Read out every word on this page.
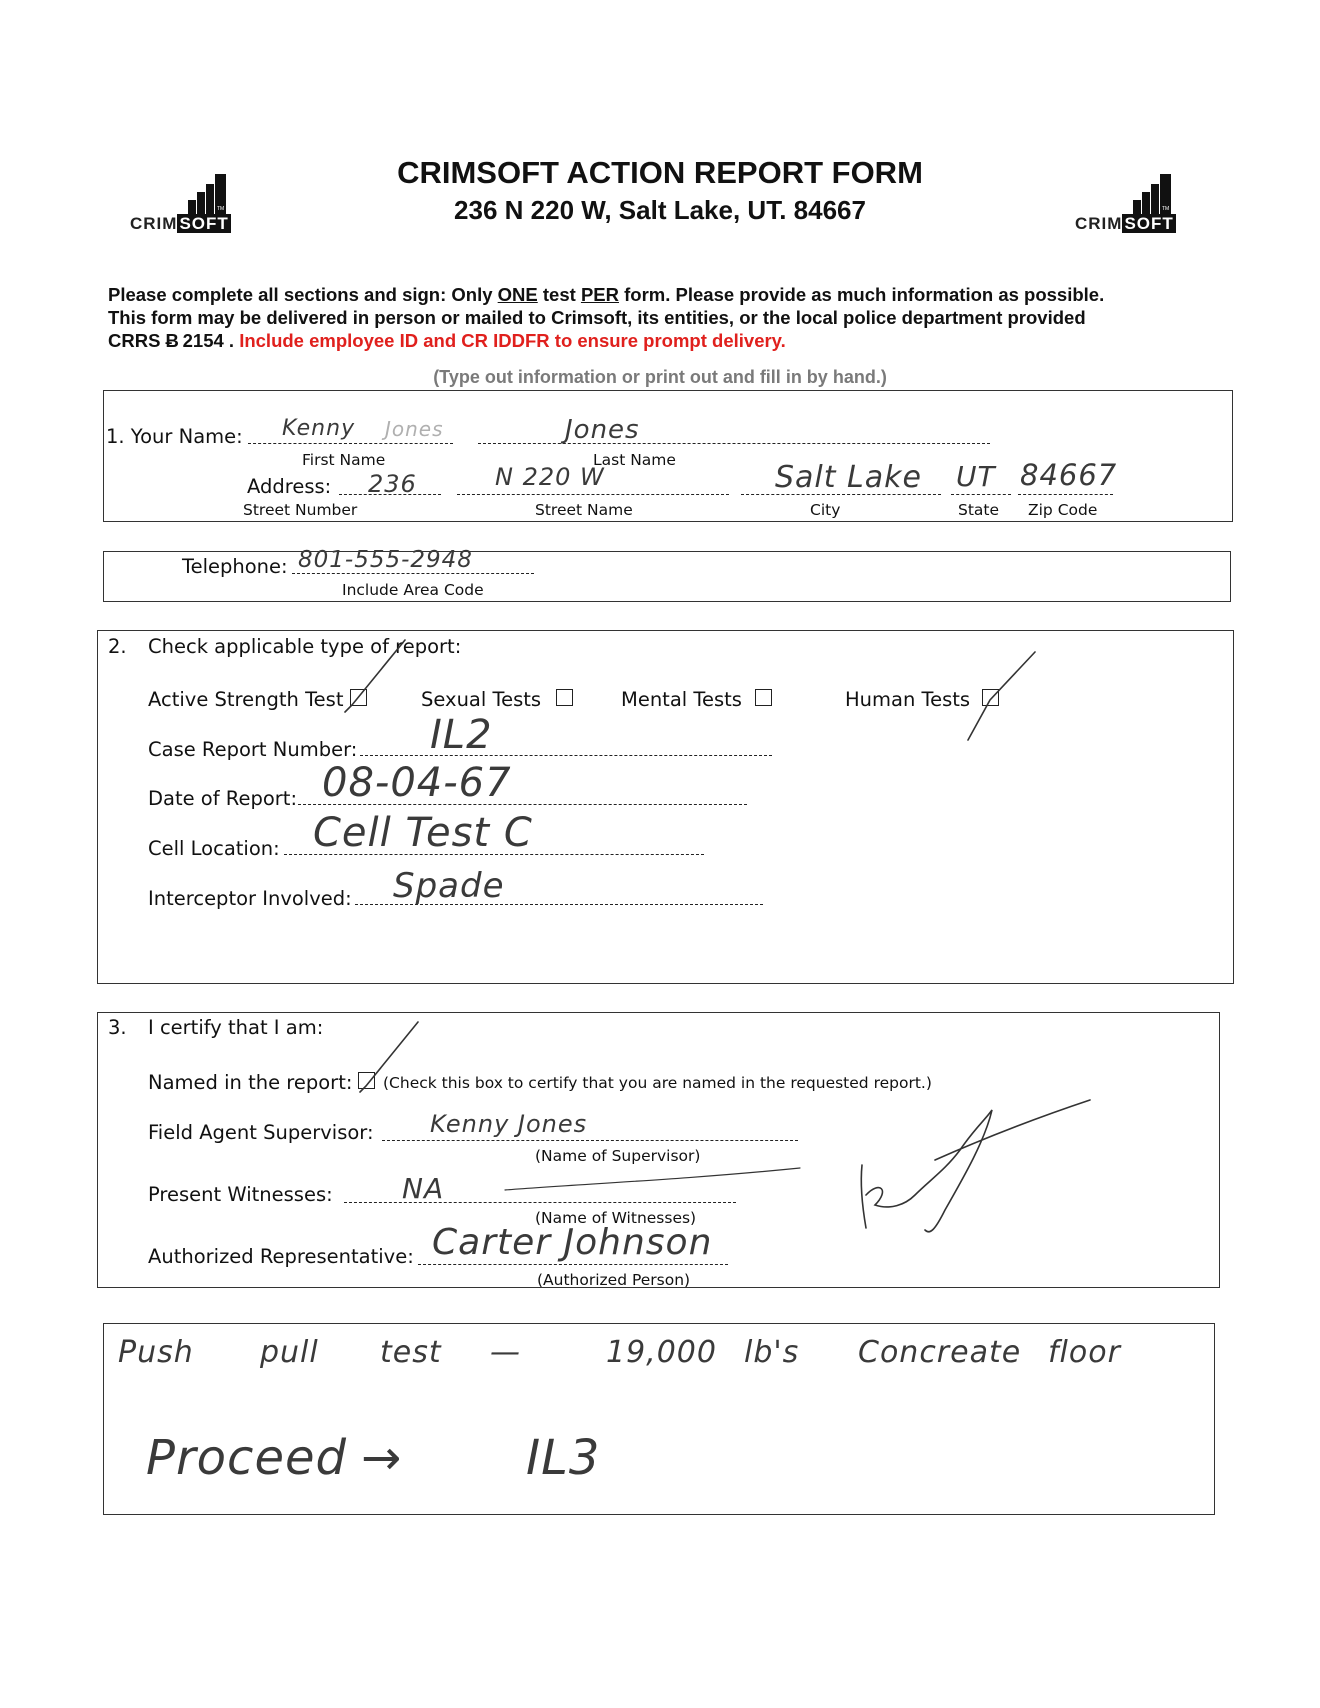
TM
CRIM SOFT
TM
CRIM SOFT
CRIMSOFT ACTION REPORT FORM
236 N 220 W, Salt Lake, UT. 84667
Please complete all sections and sign: Only ONE test PER form. Please provide as much information as possible. This form may be delivered in person or mailed to Crimsoft, its entities, or the local police department provided CRRS Ƀ 2154 . Include employee ID and CR IDDFR to ensure prompt delivery.
(Type out information or print out and fill in by hand.)
1. Your Name: Kenny Jones	Jones
First Name	Last Name
Address: 236	N 220 W	Salt Lake UT 84667
Street Number	Street Name	City	State Zip Code
Telephone: 801-555-2948
Include Area Code
2. Check applicable type of report:
Active Strength Test	Sexual Tests	Mental Tests	Human Tests
Case Report Number: IL2
Date of Report: 08-04-67
Cell Location: Cell Test C
Interceptor Involved: Spade
3. I certify that I am:
Named in the report: (Check this box to certify that you are named in the requested report.)
Field Agent Supervisor: Kenny Jones
(Name of Supervisor)
Present Witnesses: NA
(Name of Witnesses)
Authorized Representative: Carter Johnson
(Authorized Person)
Push pull test —	19,000 lb's Concreate floor
Proceed →	IL3
